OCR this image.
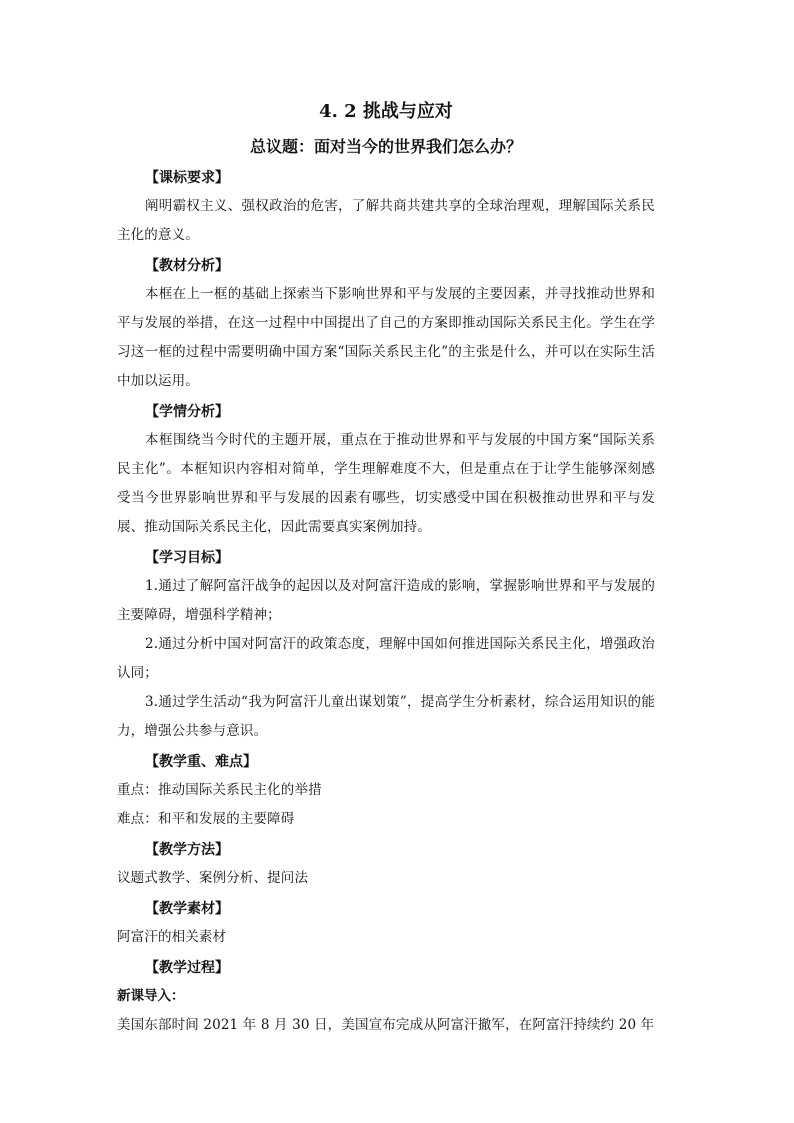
4. 2 挑战与应对
总议题：面对当今的世界我们怎么办？

【课标要求】

阐明霸权主义、强权政治的危害，了解共商共建共享的全球治理观，理解国际关系民主化的意义。

【教材分析】

本框在上一框的基础上探索当下影响世界和平与发展的主要因素，并寻找推动世界和平与发展的举措，在这一过程中中国提出了自己的方案即推动国际关系民主化。学生在学习这一框的过程中需要明确中国方案“国际关系民主化”的主张是什么，并可以在实际生活中加以运用。

【学情分析】

本框围绕当今时代的主题开展，重点在于推动世界和平与发展的中国方案“国际关系民主化”。本框知识内容相对简单，学生理解难度不大，但是重点在于让学生能够深刻感受当今世界影响世界和平与发展的因素有哪些，切实感受中国在积极推动世界和平与发展、推动国际关系民主化，因此需要真实案例加持。

【学习目标】

1.通过了解阿富汗战争的起因以及对阿富汗造成的影响，掌握影响世界和平与发展的主要障碍，增强科学精神；

2.通过分析中国对阿富汗的政策态度，理解中国如何推进国际关系民主化，增强政治认同；

3.通过学生活动“我为阿富汗儿童出谋划策”，提高学生分析素材，综合运用知识的能力，增强公共参与意识。

【教学重、难点】

重点：推动国际关系民主化的举措

难点：和平和发展的主要障碍

【教学方法】

议题式教学、案例分析、提问法

【教学素材】

阿富汗的相关素材

【教学过程】

新课导入：

美国东部时间 2021 年 8 月 30 日，美国宣布完成从阿富汗撤军，在阿富汗持续约 20 年
